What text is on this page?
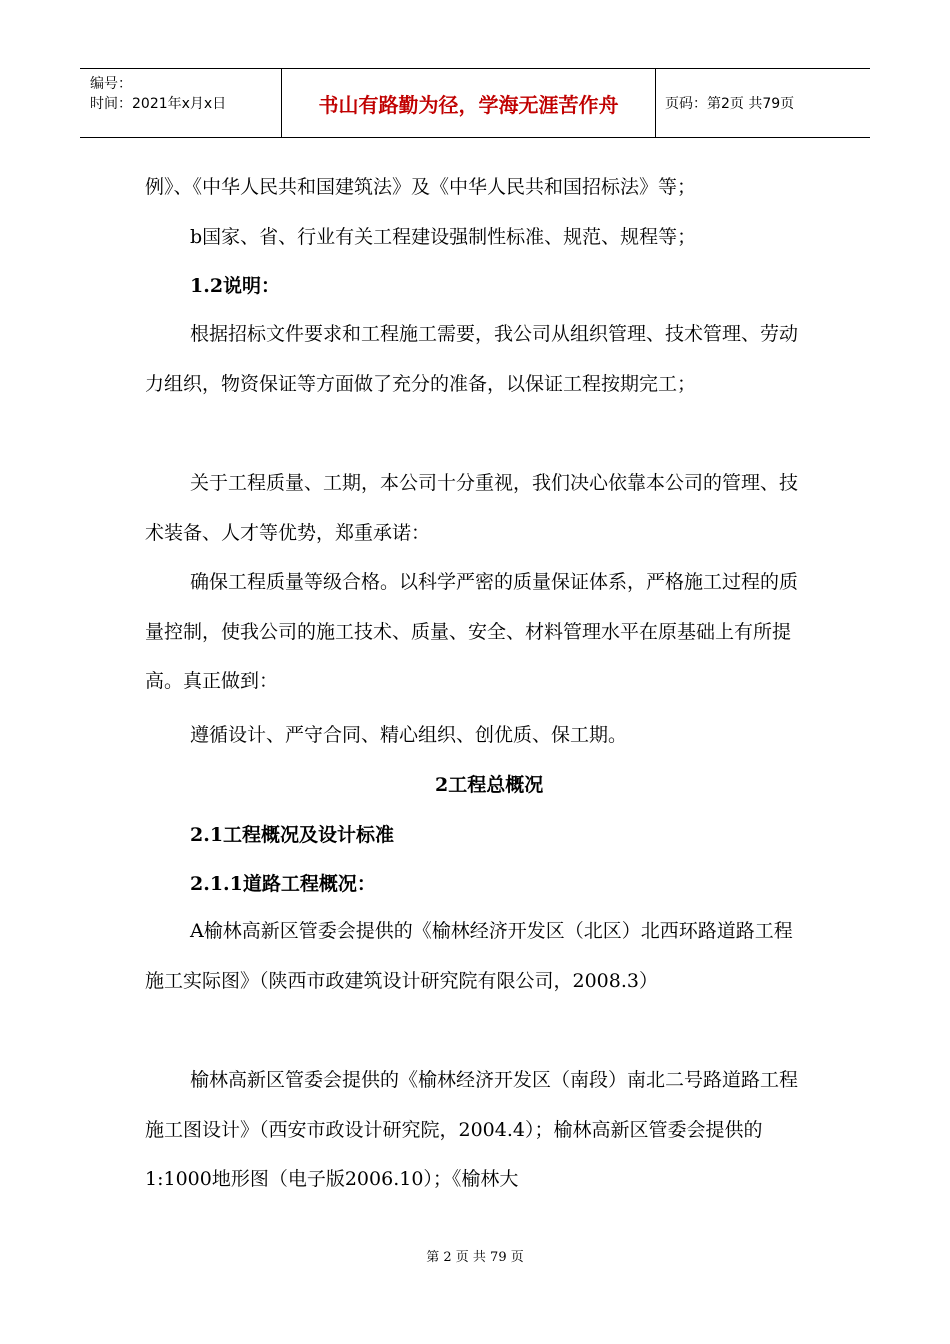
编号：
时间：2021年x月x日	书山有路勤为径，学海无涯苦作舟	页码：第2页 共79页
例》、《中华人民共和国建筑法》及《中华人民共和国招标法》等；
b国家、省、行业有关工程建设强制性标准、规范、规程等；
1.2说明：

根据招标文件要求和工程施工需要，我公司从组织管理、技术管理、劳动力组织，物资保证等方面做了充分的准备，以保证工程按期完工；

关于工程质量、工期，本公司十分重视，我们决心依靠本公司的管理、技术装备、人才等优势，郑重承诺：

确保工程质量等级合格。以科学严密的质量保证体系，严格施工过程的质量控制，使我公司的施工技术、质量、安全、材料管理水平在原基础上有所提高。真正做到：

遵循设计、严守合同、精心组织、创优质、保工期。
2工程总概况
2.1工程概况及设计标准
2.1.1道路工程概况：

A榆林高新区管委会提供的《榆林经济开发区（北区）北西环路道路工程施工实际图》（陕西市政建筑设计研究院有限公司，2008.3）

榆林高新区管委会提供的《榆林经济开发区（南段）南北二号路道路工程施工图设计》（西安市政设计研究院，2004.4）；榆林高新区管委会提供的1:1000地形图（电子版2006.10）；《榆林大

第 2 页 共 79 页
